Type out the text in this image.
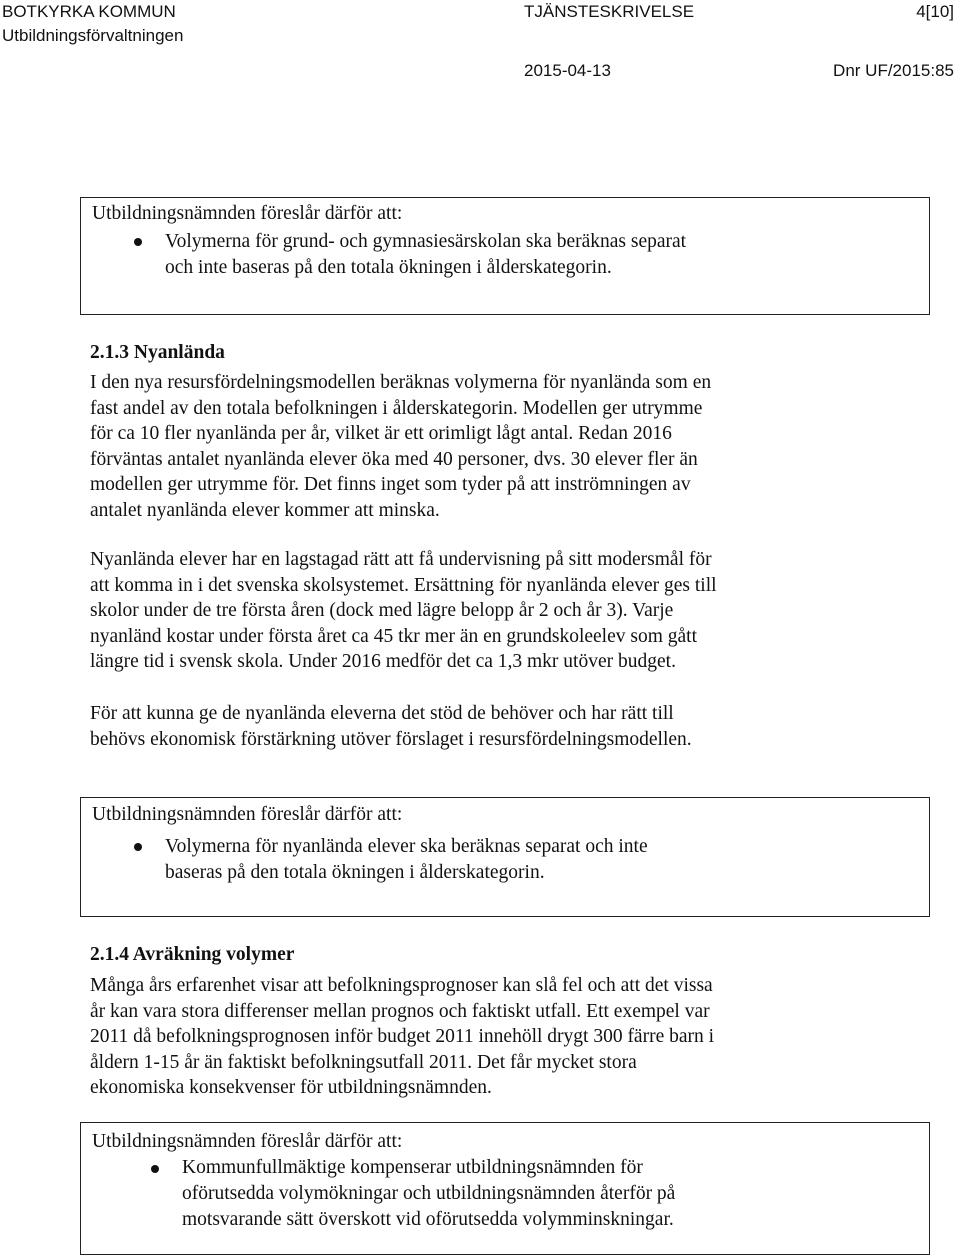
BOTKYRKA KOMMUN
Utbildningsförvaltningen
TJÄNSTESKRIVELSE	4[10]
2015-04-13	Dnr UF/2015:85
Utbildningsnämnden föreslår därför att:
Volymerna för grund- och gymnasiesärskolan ska beräknas separat
och inte baseras på den totala ökningen i ålderskategorin.
2.1.3 Nyanlända
I den nya resursfördelningsmodellen beräknas volymerna för nyanlända som en
fast andel av den totala befolkningen i ålderskategorin. Modellen ger utrymme
för ca 10 fler nyanlända per år, vilket är ett orimligt lågt antal. Redan 2016
förväntas antalet nyanlända elever öka med 40 personer, dvs. 30 elever fler än
modellen ger utrymme för. Det finns inget som tyder på att inströmningen av
antalet nyanlända elever kommer att minska.
Nyanlända elever har en lagstagad rätt att få undervisning på sitt modersmål för
att komma in i det svenska skolsystemet. Ersättning för nyanlända elever ges till
skolor under de tre första åren (dock med lägre belopp år 2 och år 3). Varje
nyanländ kostar under första året ca 45 tkr mer än en grundskoleelev som gått
längre tid i svensk skola. Under 2016 medför det ca 1,3 mkr utöver budget.
För att kunna ge de nyanlända eleverna det stöd de behöver och har rätt till
behövs ekonomisk förstärkning utöver förslaget i resursfördelningsmodellen.
Utbildningsnämnden föreslår därför att:
Volymerna för nyanlända elever ska beräknas separat och inte
baseras på den totala ökningen i ålderskategorin.
2.1.4 Avräkning volymer
Många års erfarenhet visar att befolkningsprognoser kan slå fel och att det vissa
år kan vara stora differenser mellan prognos och faktiskt utfall. Ett exempel var
2011 då befolkningsprognosen inför budget 2011 innehöll drygt 300 färre barn i
åldern 1-15 år än faktiskt befolkningsutfall 2011. Det får mycket stora
ekonomiska konsekvenser för utbildningsnämnden.
Utbildningsnämnden föreslår därför att:
Kommunfullmäktige kompenserar utbildningsnämnden för
oförutsedda volymökningar och utbildningsnämnden återför på
motsvarande sätt överskott vid oförutsedda volymminskningar.
